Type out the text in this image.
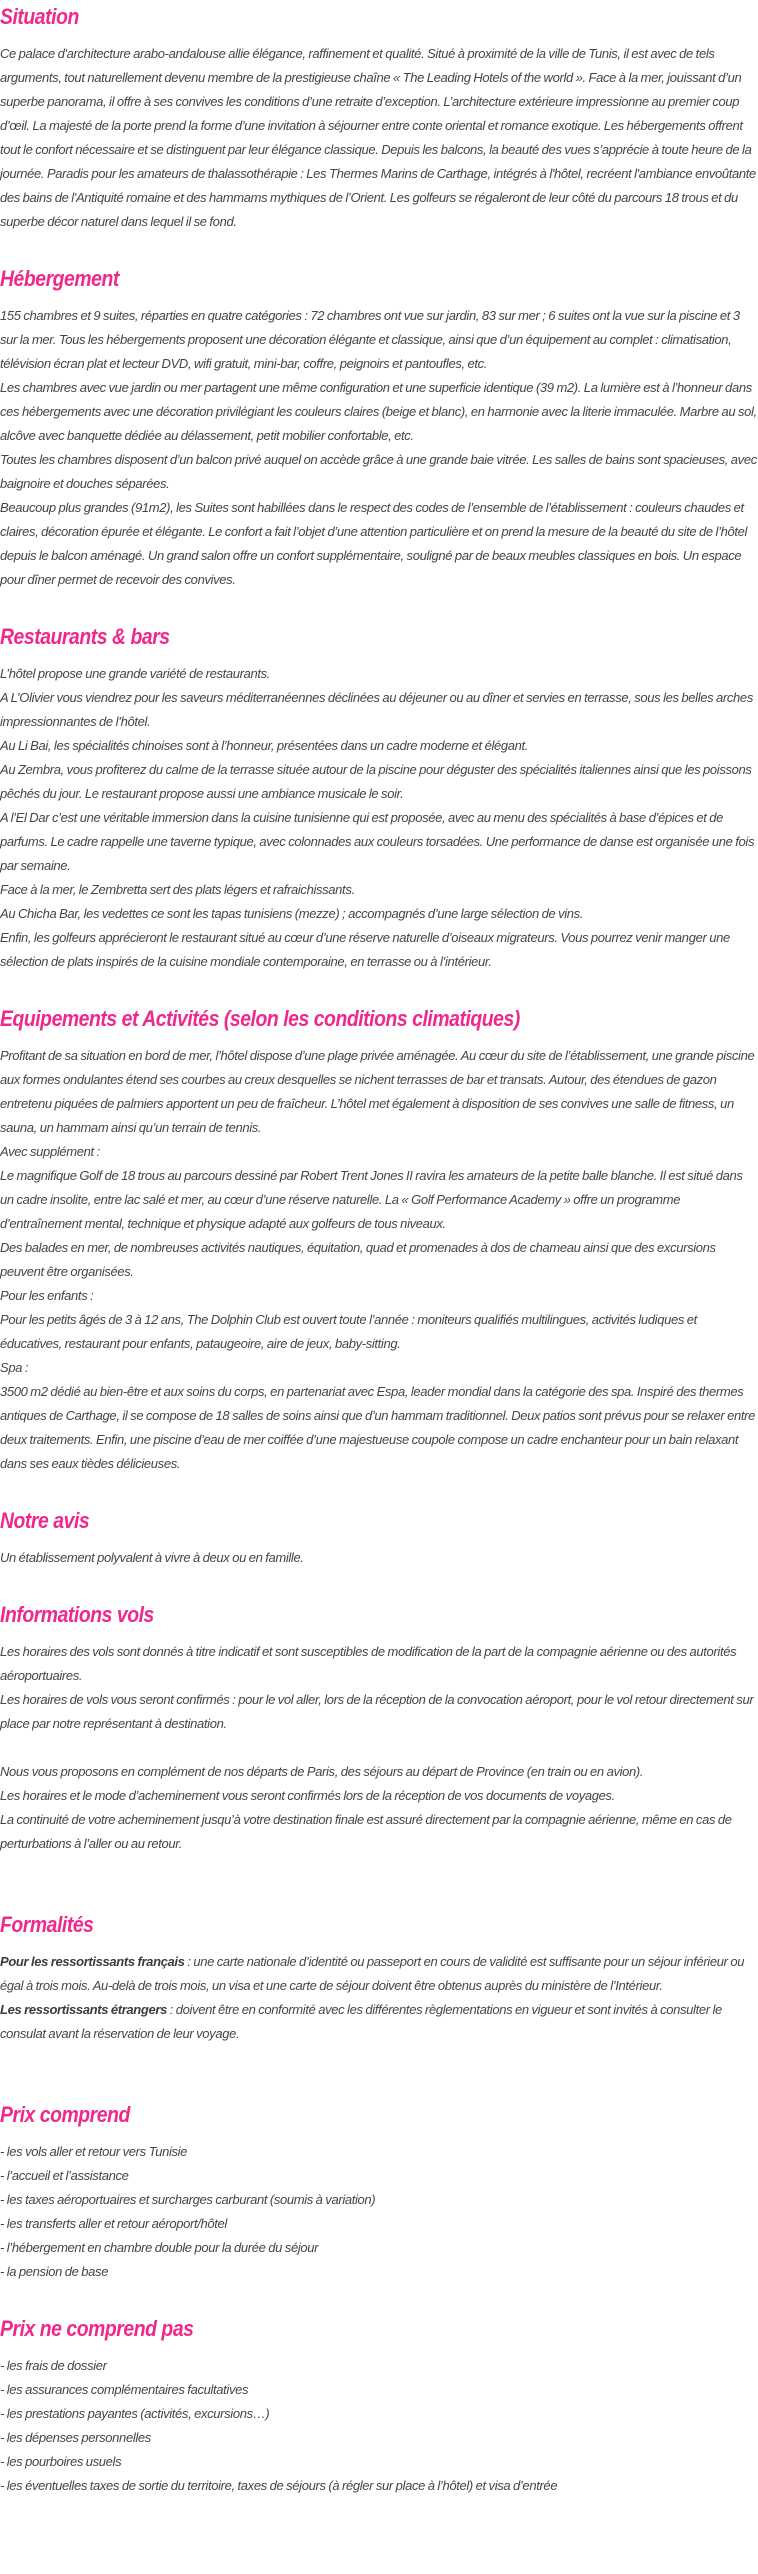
Situation

Ce palace d'architecture arabo-andalouse allie élégance, raffinement et qualité. Situé à proximité de la ville de Tunis, il est avec de tels arguments, tout naturellement devenu membre de la prestigieuse chaîne « The Leading Hotels of the world ». Face à la mer, jouissant d’un superbe panorama, il offre à ses convives les conditions d’une retraite d’exception. L’architecture extérieure impressionne au premier coup d’œil. La majesté de la porte prend la forme d’une invitation à séjourner entre conte oriental et romance exotique. Les hébergements offrent tout le confort nécessaire et se distinguent par leur élégance classique. Depuis les balcons, la beauté des vues s’apprécie à toute heure de la journée. Paradis pour les amateurs de thalassothérapie : Les Thermes Marins de Carthage, intégrés à l'hôtel, recréent l'ambiance envoûtante des bains de l'Antiquité romaine et des hammams mythiques de l’Orient. Les golfeurs se régaleront de leur côté du parcours 18 trous et du superbe décor naturel dans lequel il se fond.

Hébergement

155 chambres et 9 suites, réparties en quatre catégories : 72 chambres ont vue sur jardin, 83 sur mer ; 6 suites ont la vue sur la piscine et 3 sur la mer. Tous les hébergements proposent une décoration élégante et classique, ainsi que d’un équipement au complet : climatisation, télévision écran plat et lecteur DVD, wifi gratuit, mini-bar, coffre, peignoirs et pantoufles, etc.

Les chambres avec vue jardin ou mer partagent une même configuration et une superficie identique (39 m2). La lumière est à l’honneur dans ces hébergements avec une décoration privilégiant les couleurs claires (beige et blanc), en harmonie avec la literie immaculée. Marbre au sol, alcôve avec banquette dédiée au délassement, petit mobilier confortable, etc.

Toutes les chambres disposent d’un balcon privé auquel on accède grâce à une grande baie vitrée. Les salles de bains sont spacieuses, avec baignoire et douches séparées.

Beaucoup plus grandes (91m2), les Suites sont habillées dans le respect des codes de l’ensemble de l’établissement : couleurs chaudes et claires, décoration épurée et élégante. Le confort a fait l’objet d’une attention particulière et on prend la mesure de la beauté du site de l’hôtel depuis le balcon aménagé. Un grand salon offre un confort supplémentaire, souligné par de beaux meubles classiques en bois. Un espace pour dîner permet de recevoir des convives.

Restaurants & bars

L’hôtel propose une grande variété de restaurants.

A L’Olivier vous viendrez pour les saveurs méditerranéennes déclinées au déjeuner ou au dîner et servies en terrasse, sous les belles arches impressionnantes de l’hôtel.

Au Li Bai, les spécialités chinoises sont à l’honneur, présentées dans un cadre moderne et élégant.

Au Zembra, vous profiterez du calme de la terrasse située autour de la piscine pour déguster des spécialités italiennes ainsi que les poissons pêchés du jour. Le restaurant propose aussi une ambiance musicale le soir.

A l’El Dar c’est une véritable immersion dans la cuisine tunisienne qui est proposée, avec au menu des spécialités à base d’épices et de parfums. Le cadre rappelle une taverne typique, avec colonnades aux couleurs torsadées. Une performance de danse est organisée une fois par semaine.

Face à la mer, le Zembretta sert des plats légers et rafraichissants.

Au Chicha Bar, les vedettes ce sont les tapas tunisiens (mezze) ; accompagnés d’une large sélection de vins.

Enfin, les golfeurs apprécieront le restaurant situé au cœur d’une réserve naturelle d’oiseaux migrateurs. Vous pourrez venir manger une sélection de plats inspirés de la cuisine mondiale contemporaine, en terrasse ou à l’intérieur.

Equipements et Activités (selon les conditions climatiques)

Profitant de sa situation en bord de mer, l’hôtel dispose d’une plage privée aménagée. Au cœur du site de l’établissement, une grande piscine aux formes ondulantes étend ses courbes au creux desquelles se nichent terrasses de bar et transats. Autour, des étendues de gazon entretenu piquées de palmiers apportent un peu de fraîcheur. L’hôtel met également à disposition de ses convives une salle de fitness, un sauna, un hammam ainsi qu’un terrain de tennis.

Avec supplément :

Le magnifique Golf de 18 trous au parcours dessiné par Robert Trent Jones II ravira les amateurs de la petite balle blanche. Il est situé dans un cadre insolite, entre lac salé et mer, au cœur d’une réserve naturelle. La « Golf Performance Academy » offre un programme d’entraînement mental, technique et physique adapté aux golfeurs de tous niveaux.

Des balades en mer, de nombreuses activités nautiques, équitation, quad et promenades à dos de chameau ainsi que des excursions peuvent être organisées.

Pour les enfants :

Pour les petits âgés de 3 à 12 ans, The Dolphin Club est ouvert toute l’année : moniteurs qualifiés multilingues, activités ludiques et éducatives, restaurant pour enfants, pataugeoire, aire de jeux, baby-sitting.

Spa :

3500 m2 dédié au bien-être et aux soins du corps, en partenariat avec Espa, leader mondial dans la catégorie des spa. Inspiré des thermes antiques de Carthage, il se compose de 18 salles de soins ainsi que d’un hammam traditionnel. Deux patios sont prévus pour se relaxer entre deux traitements. Enfin, une piscine d’eau de mer coiffée d’une majestueuse coupole compose un cadre enchanteur pour un bain relaxant dans ses eaux tièdes délicieuses.

Notre avis

Un établissement polyvalent à vivre à deux ou en famille.

Informations vols

Les horaires des vols sont donnés à titre indicatif et sont susceptibles de modification de la part de la compagnie aérienne ou des autorités aéroportuaires.

Les horaires de vols vous seront confirmés : pour le vol aller, lors de la réception de la convocation aéroport, pour le vol retour directement sur place par notre représentant à destination.

Nous vous proposons en complément de nos départs de Paris, des séjours au départ de Province (en train ou en avion).

Les horaires et le mode d’acheminement vous seront confirmés lors de la réception de vos documents de voyages.

La continuité de votre acheminement jusqu’à votre destination finale est assuré directement par la compagnie aérienne, même en cas de perturbations à l’aller ou au retour.

Formalités

Pour les ressortissants français : une carte nationale d’identité ou passeport en cours de validité est suffisante pour un séjour inférieur ou égal à trois mois. Au-delà de trois mois, un visa et une carte de séjour doivent être obtenus auprès du ministère de l’Intérieur.

Les ressortissants étrangers : doivent être en conformité avec les différentes règlementations en vigueur et sont invités à consulter le consulat avant la réservation de leur voyage.

Prix comprend

- les vols aller et retour vers Tunisie

- l’accueil et l’assistance

- les taxes aéroportuaires et surcharges carburant (soumis à variation)

- les transferts aller et retour aéroport/hôtel

- l’hébergement en chambre double pour la durée du séjour

- la pension de base

Prix ne comprend pas

- les frais de dossier

- les assurances complémentaires facultatives

- les prestations payantes (activités, excursions…)

- les dépenses personnelles

- les pourboires usuels

- les éventuelles taxes de sortie du territoire, taxes de séjours (à régler sur place à l’hôtel) et visa d’entrée
